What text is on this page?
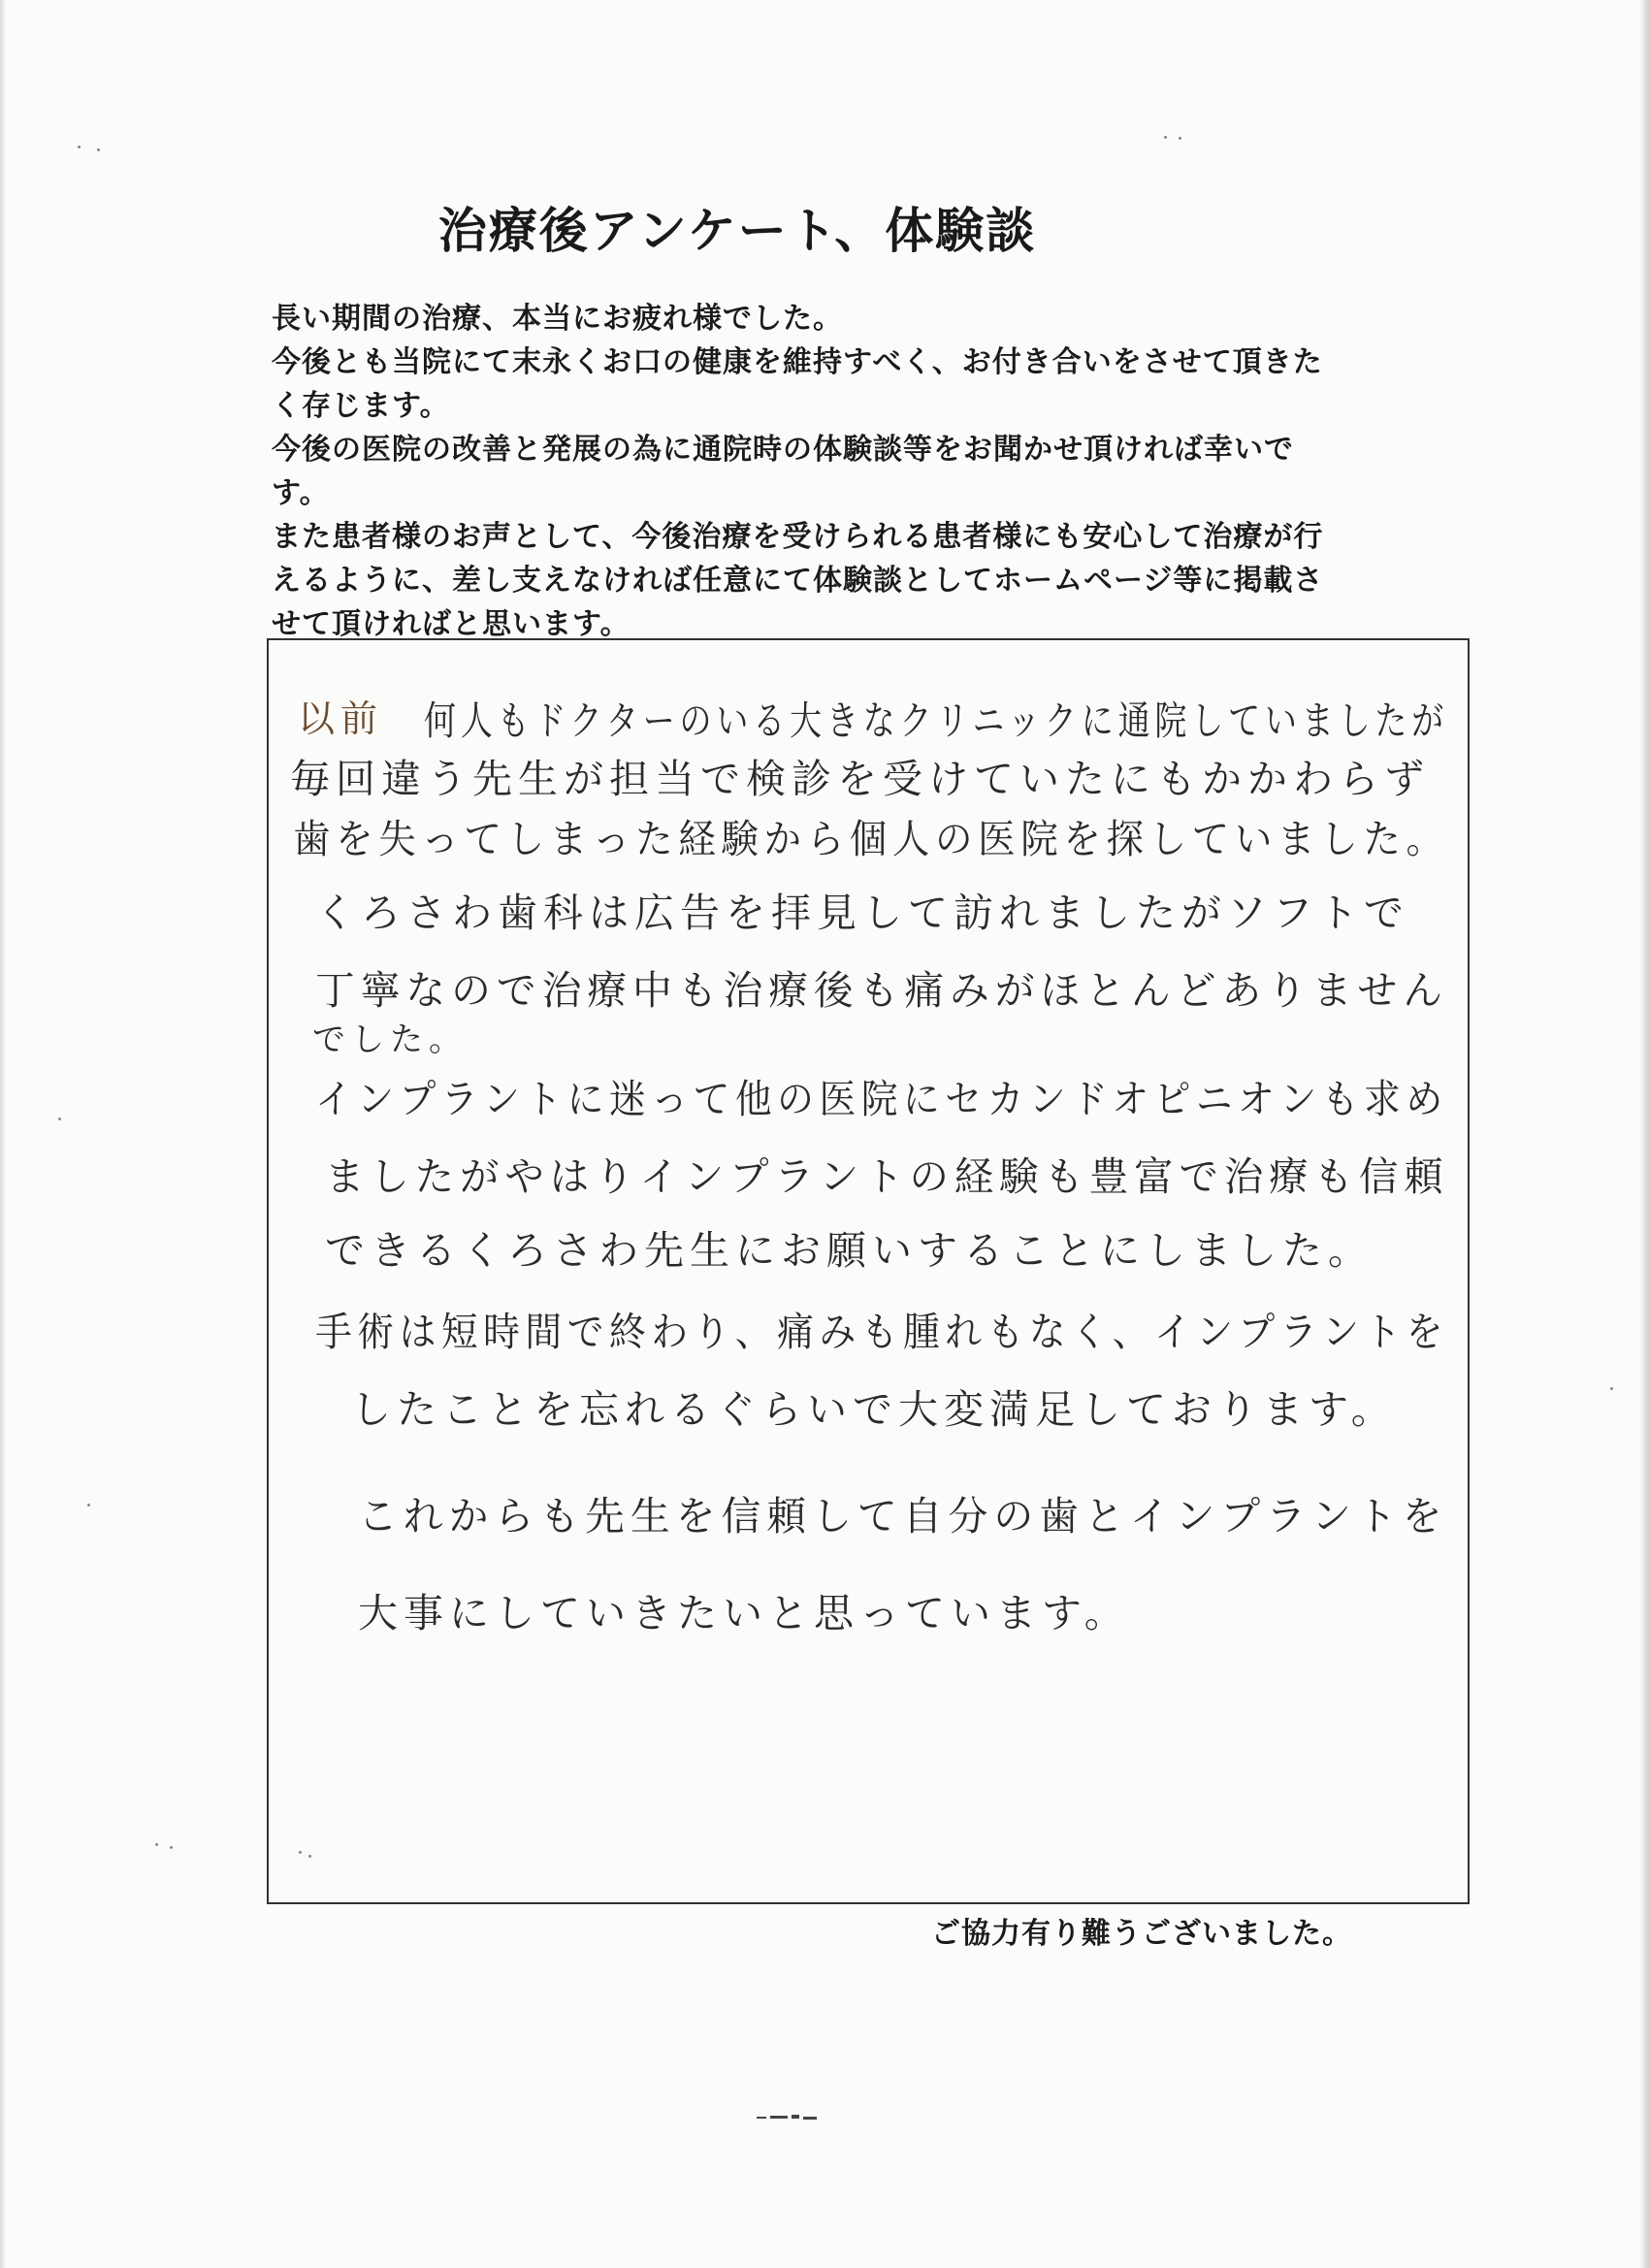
治療後アンケート、体験談

長い期間の治療、本当にお疲れ様でした。
今後とも当院にて末永くお口の健康を維持すべく、お付き合いをさせて頂きた
く存じます。
今後の医院の改善と発展の為に通院時の体験談等をお聞かせ頂ければ幸いで
す。
また患者様のお声として、今後治療を受けられる患者様にも安心して治療が行
えるように、差し支えなければ任意にて体験談としてホームページ等に掲載さ
せて頂ければと思います。

以前 何人もドクターのいる大きなクリニックに通院していましたが
毎回違う先生が担当で検診を受けていたにもかかわらず
歯を失ってしまった経験から個人の医院を探していました。
くろさわ歯科は広告を拝見して訪れましたがソフトで
丁寧なので治療中も治療後も痛みがほとんどありません
でした。
インプラントに迷って他の医院にセカンドオピニオンも求め
ましたがやはりインプラントの経験も豊富で治療も信頼
できるくろさわ先生にお願いすることにしました。
手術は短時間で終わり、痛みも腫れもなく、インプラントを
したことを忘れるぐらいで大変満足しております。
これからも先生を信頼して自分の歯とインプラントを
大事にしていきたいと思っています。

ご協力有り難うございました。
